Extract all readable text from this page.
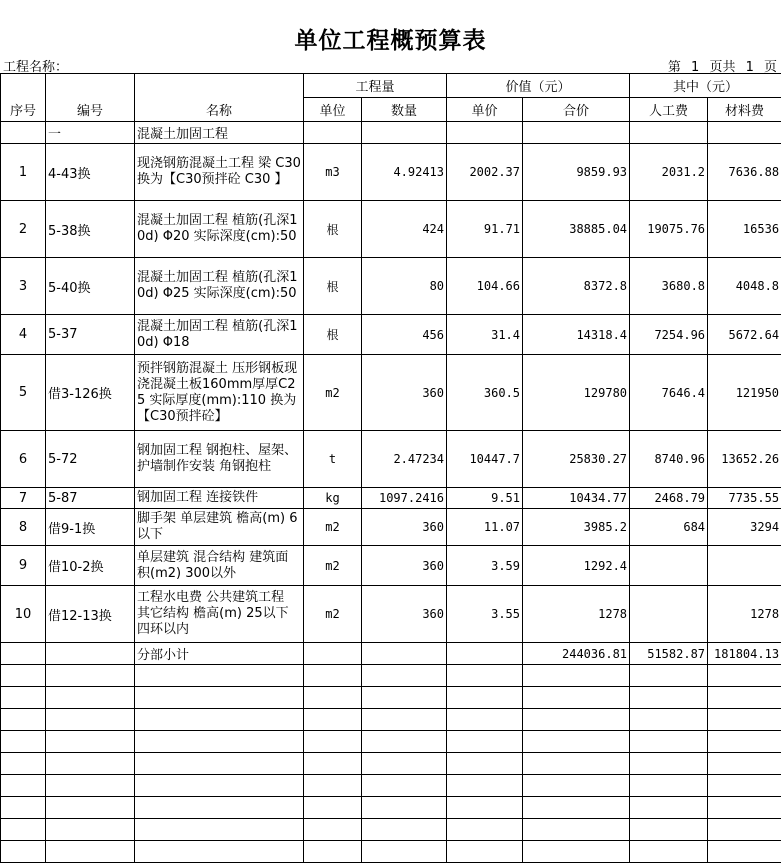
单位工程概预算表
工程名称：	第 1 页共 1 页
序号	编号	名称	工程量		价值（元）		其中（元）	
			单位	数量	单价	合价	人工费	材料费
	一	混凝土加固工程						
1	4-43换	现浇钢筋混凝土工程 梁 C30 换为【C30预拌砼 C30 】	m3	4.92413	2002.37	9859.93	2031.2	7636.88
2	5-38换	混凝土加固工程 植筋(孔深10d) Φ20 实际深度(cm):50	根	424	91.71	38885.04	19075.76	16536
3	5-40换	混凝土加固工程 植筋(孔深10d) Φ25 实际深度(cm):50	根	80	104.66	8372.8	3680.8	4048.8
4	5-37	混凝土加固工程 植筋(孔深10d) Φ18	根	456	31.4	14318.4	7254.96	5672.64
5	借3-126换	预拌钢筋混凝土 压形钢板现浇混凝土板160mm厚厚C25 实际厚度(mm):110 换为【C30预拌砼】	m2	360	360.5	129780	7646.4	121950
6	5-72	钢加固工程 钢抱柱、屋架、护墙制作安装 角钢抱柱	t	2.47234	10447.7	25830.27	8740.96	13652.26
7	5-87	钢加固工程 连接铁件	kg	1097.2416	9.51	10434.77	2468.79	7735.55
8	借9-1换	脚手架 单层建筑 檐高(m) 6以下	m2	360	11.07	3985.2	684	3294
9	借10-2换	单层建筑 混合结构 建筑面积(m2) 300以外	m2	360	3.59	1292.4		
10	借12-13换	工程水电费 公共建筑工程 其它结构 檐高(m) 25以下 四环以内	m2	360	3.55	1278		1278
		分部小计				244036.81	51582.87	181804.13
